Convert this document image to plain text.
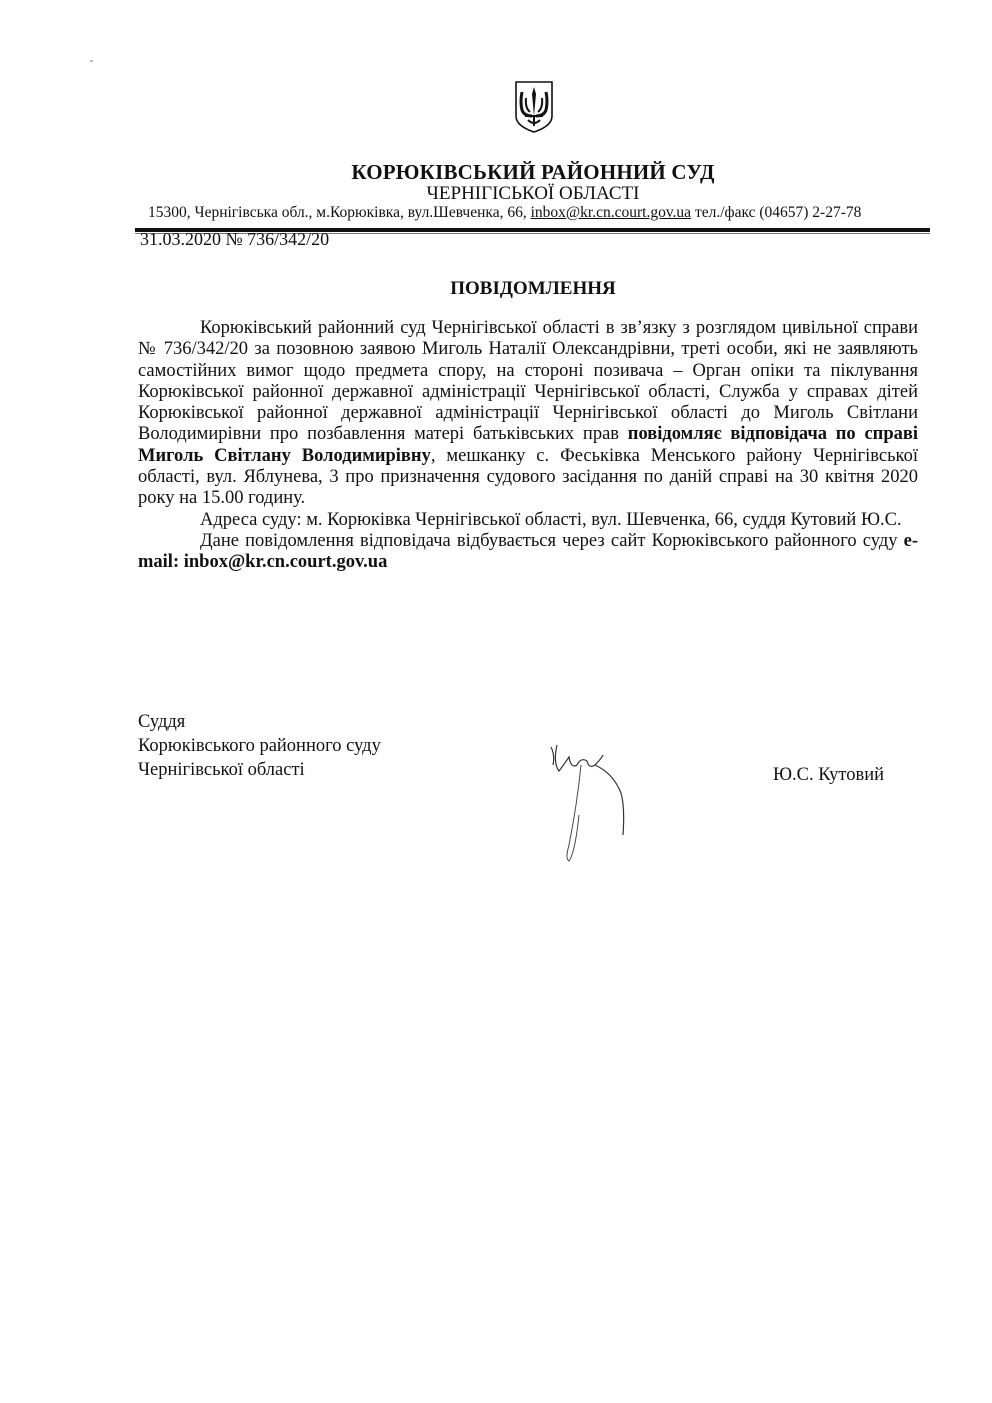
КОРЮКІВСЬКИЙ РАЙОННИЙ СУД
ЧЕРНІГІСЬКОЇ ОБЛАСТІ
15300, Чернігівська обл., м.Корюківка, вул.Шевченка, 66, inbox@kr.cn.court.gov.ua тел./факс (04657) 2-27-78
31.03.2020 № 736/342/20
ПОВІДОМЛЕННЯ

Корюківський районний суд Чернігівської області в зв’язку з розглядом цивільної справи № 736/342/20 за позовною заявою Миголь Наталії Олександрівни, треті особи, які не заявляють самостійних вимог щодо предмета спору, на стороні позивача – Орган опіки та піклування Корюківської районної державної адміністрації Чернігівської області, Служба у справах дітей Корюківської районної державної адміністрації Чернігівської області до Миголь Світлани Володимирівни про позбавлення матері батьківських прав повідомляє відповідача по справі Миголь Світлану Володимирівну, мешканку с. Феськівка Менського району Чернігівської області, вул. Яблунева, 3 про призначення судового засідання по даній справі на 30 квітня 2020 року на 15.00 годину.

Адреса суду: м. Корюківка Чернігівської області, вул. Шевченка, 66, суддя Кутовий Ю.С.

Дане повідомлення відповідача відбувається через сайт Корюківського районного суду e-mail: inbox@kr.cn.court.gov.ua

Суддя
Корюківського районного суду
Чернігівської області	Ю.С. Кутовий
